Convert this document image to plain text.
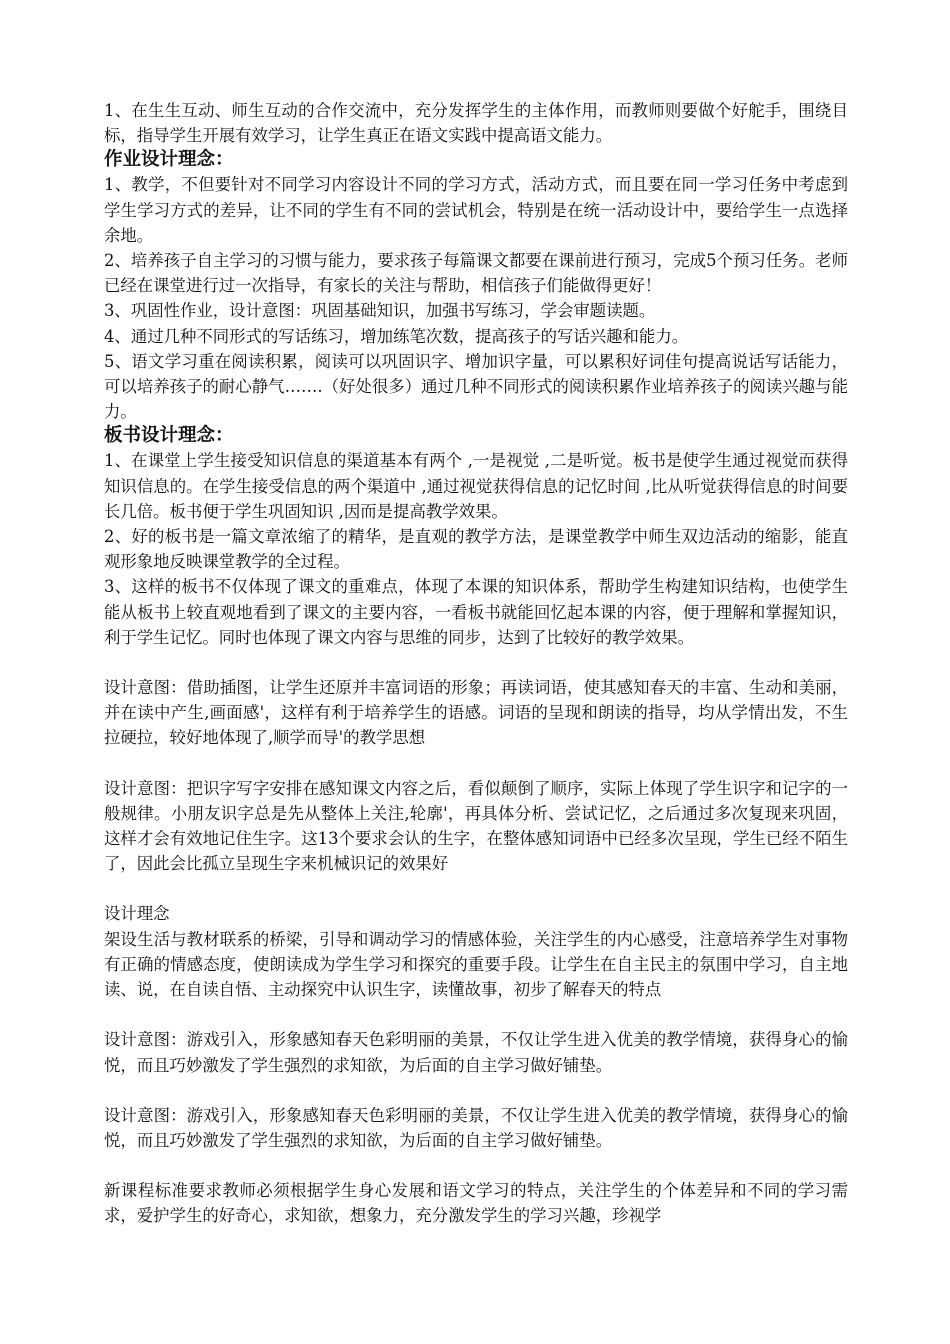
1、在生生互动、师生互动的合作交流中，充分发挥学生的主体作用，而教师则要做个好舵手，围绕目标，指导学生开展有效学习，让学生真正在语文实践中提高语文能力。

作业设计理念：

1、教学，不但要针对不同学习内容设计不同的学习方式，活动方式，而且要在同一学习任务中考虑到学生学习方式的差异，让不同的学生有不同的尝试机会，特别是在统一活动设计中，要给学生一点选择余地。

2、培养孩子自主学习的习惯与能力，要求孩子每篇课文都要在课前进行预习，完成5个预习任务。老师已经在课堂进行过一次指导，有家长的关注与帮助，相信孩子们能做得更好！

3、巩固性作业，设计意图：巩固基础知识，加强书写练习，学会审题读题。

4、通过几种不同形式的写话练习，增加练笔次数，提高孩子的写话兴趣和能力。

5、语文学习重在阅读积累，阅读可以巩固识字、增加识字量，可以累积好词佳句提高说话写话能力，可以培养孩子的耐心静气…….（好处很多）通过几种不同形式的阅读积累作业培养孩子的阅读兴趣与能力。

板书设计理念：

1、在课堂上学生接受知识信息的渠道基本有两个 ,一是视觉 ,二是听觉。板书是使学生通过视觉而获得知识信息的。在学生接受信息的两个渠道中 ,通过视觉获得信息的记忆时间 ,比从听觉获得信息的时间要长几倍。板书便于学生巩固知识 ,因而是提高教学效果。

2、好的板书是一篇文章浓缩了的精华，是直观的教学方法，是课堂教学中师生双边活动的缩影，能直观形象地反映课堂教学的全过程。

3、这样的板书不仅体现了课文的重难点，体现了本课的知识体系，帮助学生构建知识结构，也使学生能从板书上较直观地看到了课文的主要内容，一看板书就能回忆起本课的内容，便于理解和掌握知识，利于学生记忆。同时也体现了课文内容与思维的同步，达到了比较好的教学效果。

设计意图：借助插图，让学生还原并丰富词语的形象；再读词语，使其感知春天的丰富、生动和美丽，并在读中产生‚画面感'，这样有利于培养学生的语感。词语的呈现和朗读的指导，均从学情出发，不生拉硬拉，较好地体现了‚顺学而导'的教学思想

设计意图：把识字写字安排在感知课文内容之后，看似颠倒了顺序，实际上体现了学生识字和记字的一般规律。小朋友识字总是先从整体上关注‚轮廓'，再具体分析、尝试记忆，之后通过多次复现来巩固，这样才会有效地记住生字。这13个要求会认的生字，在整体感知词语中已经多次呈现，学生已经不陌生了，因此会比孤立呈现生字来机械识记的效果好

设计理念

架设生活与教材联系的桥梁，引导和调动学习的情感体验，关注学生的内心感受，注意培养学生对事物有正确的情感态度，使朗读成为学生学习和探究的重要手段。让学生在自主民主的氛围中学习，自主地读、说，在自读自悟、主动探究中认识生字，读懂故事，初步了解春天的特点

设计意图：游戏引入，形象感知春天色彩明丽的美景，不仅让学生进入优美的教学情境，获得身心的愉悦，而且巧妙激发了学生强烈的求知欲，为后面的自主学习做好铺垫。

设计意图：游戏引入，形象感知春天色彩明丽的美景，不仅让学生进入优美的教学情境，获得身心的愉悦，而且巧妙激发了学生强烈的求知欲，为后面的自主学习做好铺垫。

新课程标准要求教师必须根据学生身心发展和语文学习的特点，关注学生的个体差异和不同的学习需求，爱护学生的好奇心，求知欲，想象力，充分激发学生的学习兴趣，珍视学
